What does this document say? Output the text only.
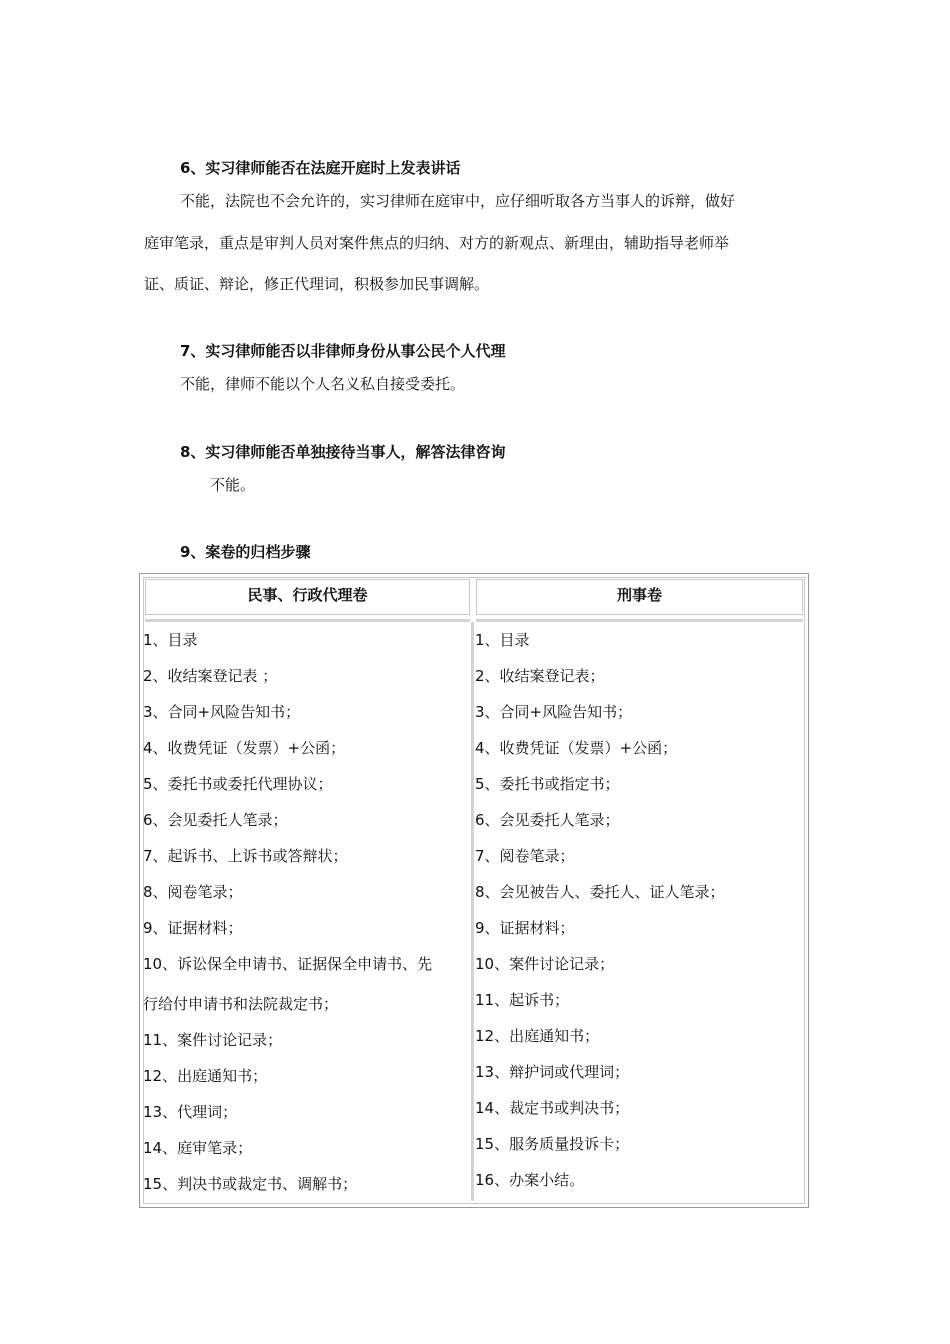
6、实习律师能否在法庭开庭时上发表讲话
不能，法院也不会允许的，实习律师在庭审中，应仔细听取各方当事人的诉辩，做好
庭审笔录，重点是审判人员对案件焦点的归纳、对方的新观点、新理由，辅助指导老师举
证、质证、辩论，修正代理词，积极参加民事调解。
7、实习律师能否以非律师身份从事公民个人代理
不能，律师不能以个人名义私自接受委托。
8、实习律师能否单独接待当事人，解答法律咨询
不能。
9、案卷的归档步骤
民事、行政代理卷	刑事卷
1、目录
2、收结案登记表 ；
3、合同+风险告知书；
4、收费凭证（发票）+公函；
5、委托书或委托代理协议；
6、会见委托人笔录；
7、起诉书、上诉书或答辩状；
8、阅卷笔录；
9、证据材料；
10、诉讼保全申请书、证据保全申请书、先
行给付申请书和法院裁定书；
11、案件讨论记录；
12、出庭通知书；
13、代理词；
14、庭审笔录；
15、判决书或裁定书、调解书；
1、目录
2、收结案登记表；
3、合同+风险告知书；
4、收费凭证（发票）+公函；
5、委托书或指定书；
6、会见委托人笔录；
7、阅卷笔录；
8、会见被告人、委托人、证人笔录；
9、证据材料；
10、案件讨论记录；
11、起诉书；
12、出庭通知书；
13、辩护词或代理词；
14、裁定书或判决书；
15、服务质量投诉卡；
16、办案小结。
